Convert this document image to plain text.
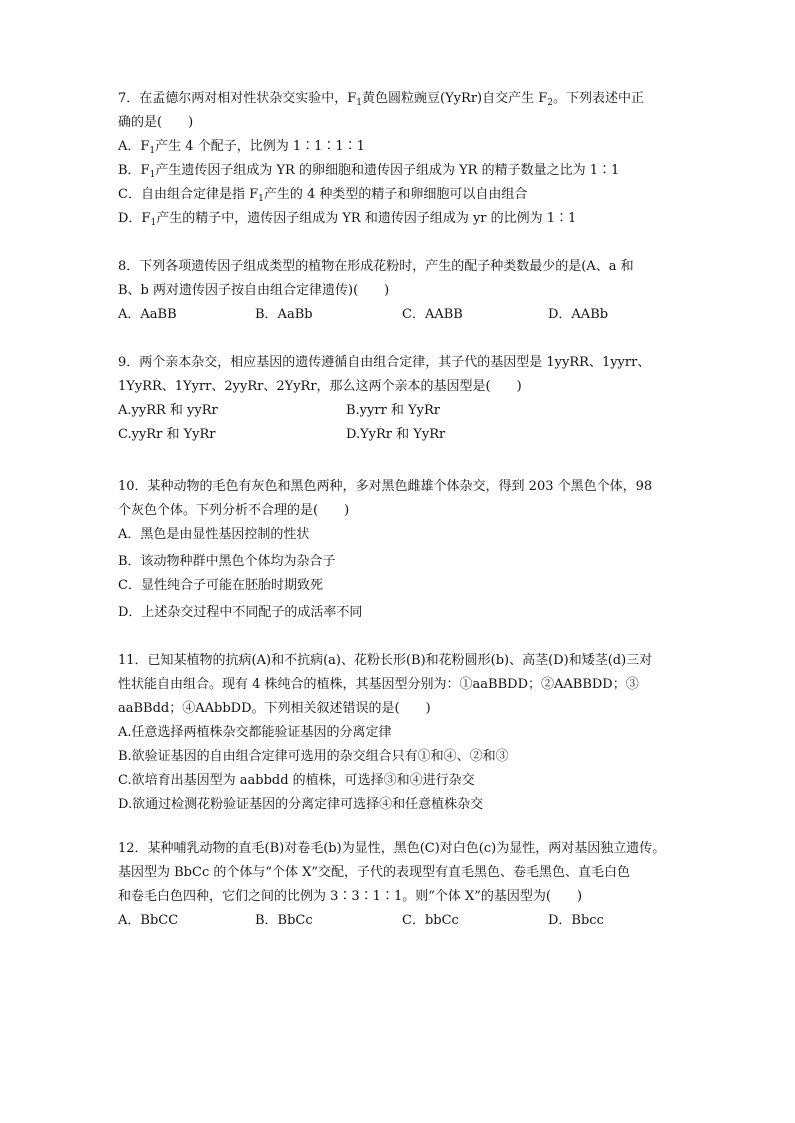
7．在孟德尔两对相对性状杂交实验中，$F_1$黄色圆粒豌豆(YyRr)自交产生 $F_2$。下列表述中正
确的是(　　)
A．$F_1$产生 4 个配子，比例为 1∶1∶1∶1
B．$F_1$产生遗传因子组成为 YR 的卵细胞和遗传因子组成为 YR 的精子数量之比为 1∶1
C．自由组合定律是指 $F_1$产生的 4 种类型的精子和卵细胞可以自由组合
D．$F_1$产生的精子中，遗传因子组成为 YR 和遗传因子组成为 yr 的比例为 1∶1
8．下列各项遗传因子组成类型的植物在形成花粉时，产生的配子种类数最少的是(A、a 和
B、b 两对遗传因子按自由组合定律遗传)(　　)
A．AaBB	B．AaBb	C．AABB	D．AABb
9．两个亲本杂交，相应基因的遗传遵循自由组合定律，其子代的基因型是 1yyRR、1yyrr、
1YyRR、1Yyrr、2yyRr、2YyRr，那么这两个亲本的基因型是(　　)
A.yyRR 和 yyRr	B.yyrr 和 YyRr
C.yyRr 和 YyRr	D.YyRr 和 YyRr
10．某种动物的毛色有灰色和黑色两种，多对黑色雌雄个体杂交，得到 203 个黑色个体，98
个灰色个体。下列分析不合理的是(　　)
A．黑色是由显性基因控制的性状
B．该动物种群中黑色个体均为杂合子
C．显性纯合子可能在胚胎时期致死
D．上述杂交过程中不同配子的成活率不同
11．已知某植物的抗病(A)和不抗病(a)、花粉长形(B)和花粉圆形(b)、高茎(D)和矮茎(d)三对
性状能自由组合。现有 4 株纯合的植株，其基因型分别为：①aaBBDD；②AABBDD；③
aaBBdd；④AAbbDD。下列相关叙述错误的是(　　)
A.任意选择两植株杂交都能验证基因的分离定律
B.欲验证基因的自由组合定律可选用的杂交组合只有①和④、②和③
C.欲培育出基因型为 aabbdd 的植株，可选择③和④进行杂交
D.欲通过检测花粉验证基因的分离定律可选择④和任意植株杂交
12．某种哺乳动物的直毛(B)对卷毛(b)为显性，黑色(C)对白色(c)为显性，两对基因独立遗传。
基因型为 BbCc 的个体与“个体 X”交配，子代的表现型有直毛黑色、卷毛黑色、直毛白色
和卷毛白色四种，它们之间的比例为 3∶3∶1∶1。则“个体 X”的基因型为(　　)
A．BbCC	B．BbCc	C．bbCc	D．Bbcc
